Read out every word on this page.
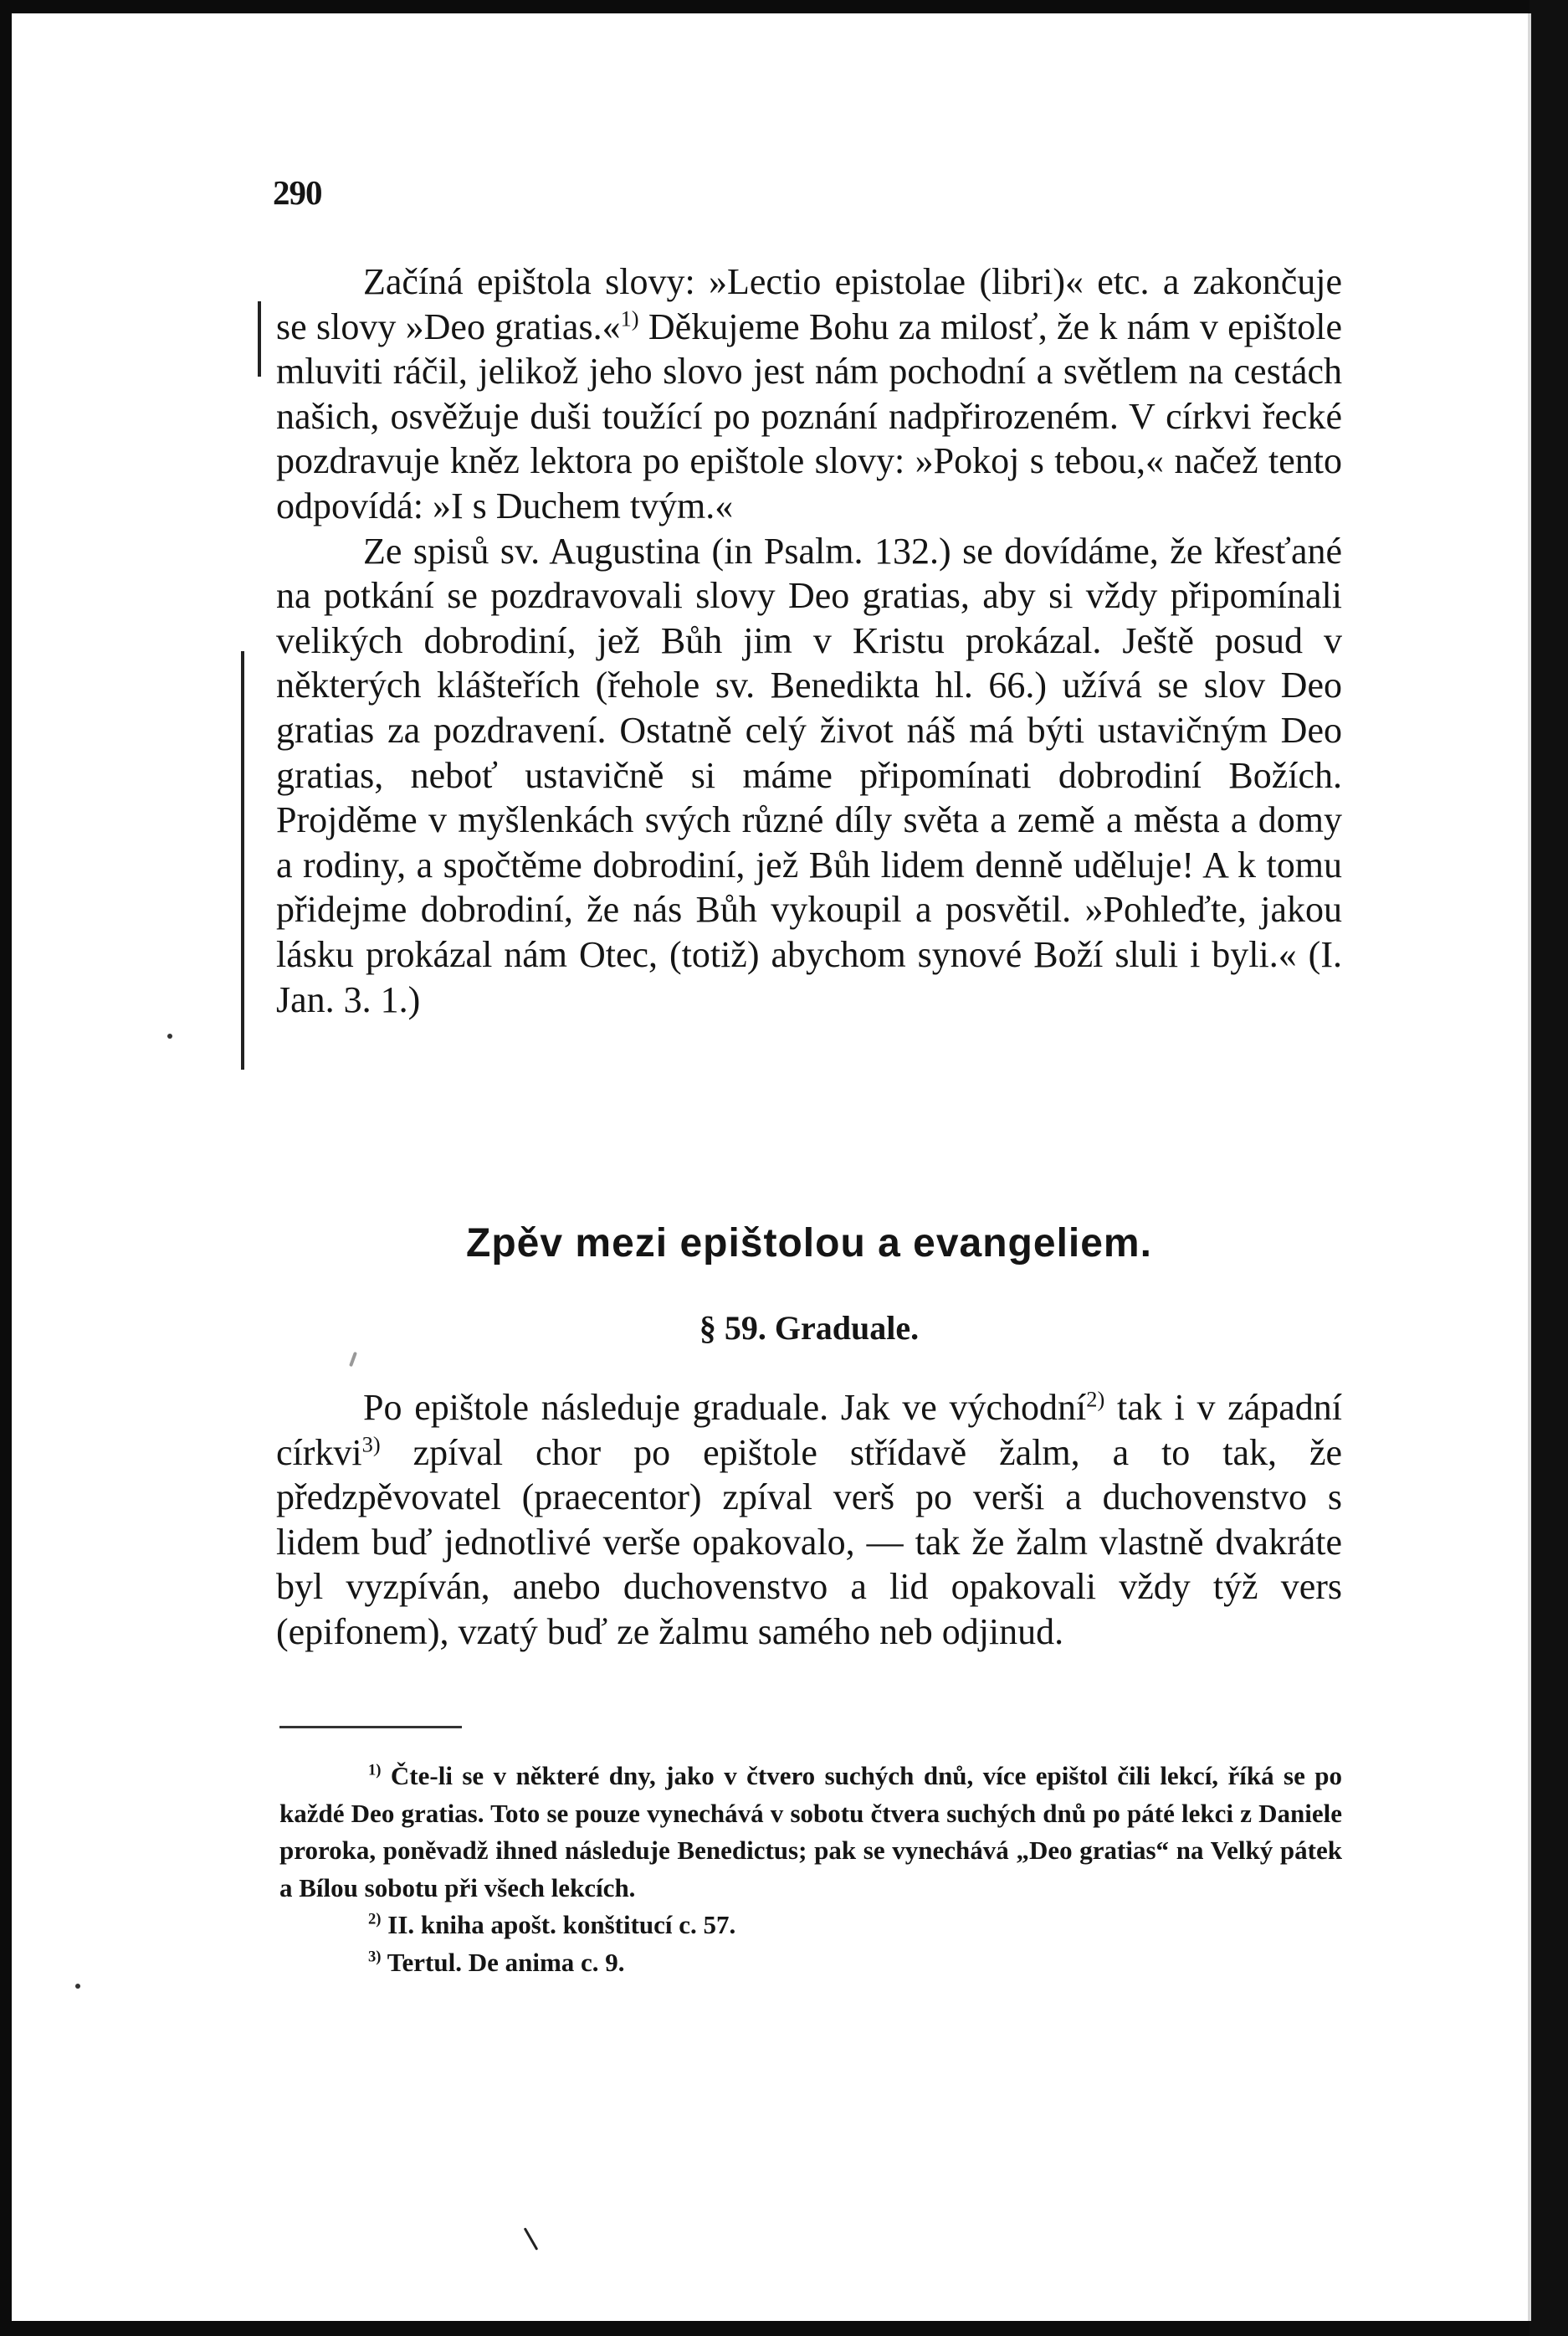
290

Začíná epištola slovy: »Lectio epistolae (libri)« etc. a zakončuje se slovy »Deo gratias.«$^{1)}$ Děkujeme Bohu za milosť, že k nám v epištole mluviti ráčil, jelikož jeho slovo jest nám pochodní a světlem na cestách našich, osvěžuje duši toužící po poznání nadpřirozeném. V církvi řecké pozdravuje kněz lektora po epištole slovy: »Pokoj s tebou,« načež tento odpovídá: »I s Duchem tvým.«

Ze spisů sv. Augustina (in Psalm. 132.) se dovídáme, že křesťané na potkání se pozdravovali slovy Deo gratias, aby si vždy připomínali velikých dobrodiní, jež Bůh jim v Kristu prokázal. Ještě posud v některých klášteřích (řehole sv. Benedikta hl. 66.) užívá se slov Deo gratias za pozdravení. Ostatně celý život náš má býti ustavičným Deo gratias, neboť ustavičně si máme připomínati dobrodiní Božích. Projděme v myšlenkách svých různé díly světa a země a města a domy a rodiny, a spočtěme dobrodiní, jež Bůh lidem denně uděluje! A k tomu přidejme dobrodiní, že nás Bůh vykoupil a posvětil. »Pohleďte, jakou lásku prokázal nám Otec, (totiž) abychom synové Boží sluli i byli.« (I. Jan. 3. 1.)

Zpěv mezi epištolou a evangeliem.
§ 59. Graduale.

Po epištole následuje graduale. Jak ve východní$^{2)}$ tak i v západní církvi$^{3)}$ zpíval chor po epištole střídavě žalm, a to tak, že předzpěvovatel (praecentor) zpíval verš po verši a duchovenstvo s lidem buď jednotlivé verše opakovalo, — tak že žalm vlastně dvakráte byl vyzpíván, anebo duchovenstvo a lid opakovali vždy týž vers (epifonem), vzatý buď ze žalmu samého neb odjinud.

$^{1)}$ Čte-li se v některé dny, jako v čtvero suchých dnů, více epištol čili lekcí, říká se po každé Deo gratias. Toto se pouze vynechává v sobotu čtvera suchých dnů po páté lekci z Daniele proroka, poněvadž ihned následuje Benedictus; pak se vynechává „Deo gratias“ na Velký pátek a Bílou sobotu při všech lekcích.

$^{2)}$ II. kniha apošt. konštitucí c. 57.

$^{3)}$ Tertul. De anima c. 9.
